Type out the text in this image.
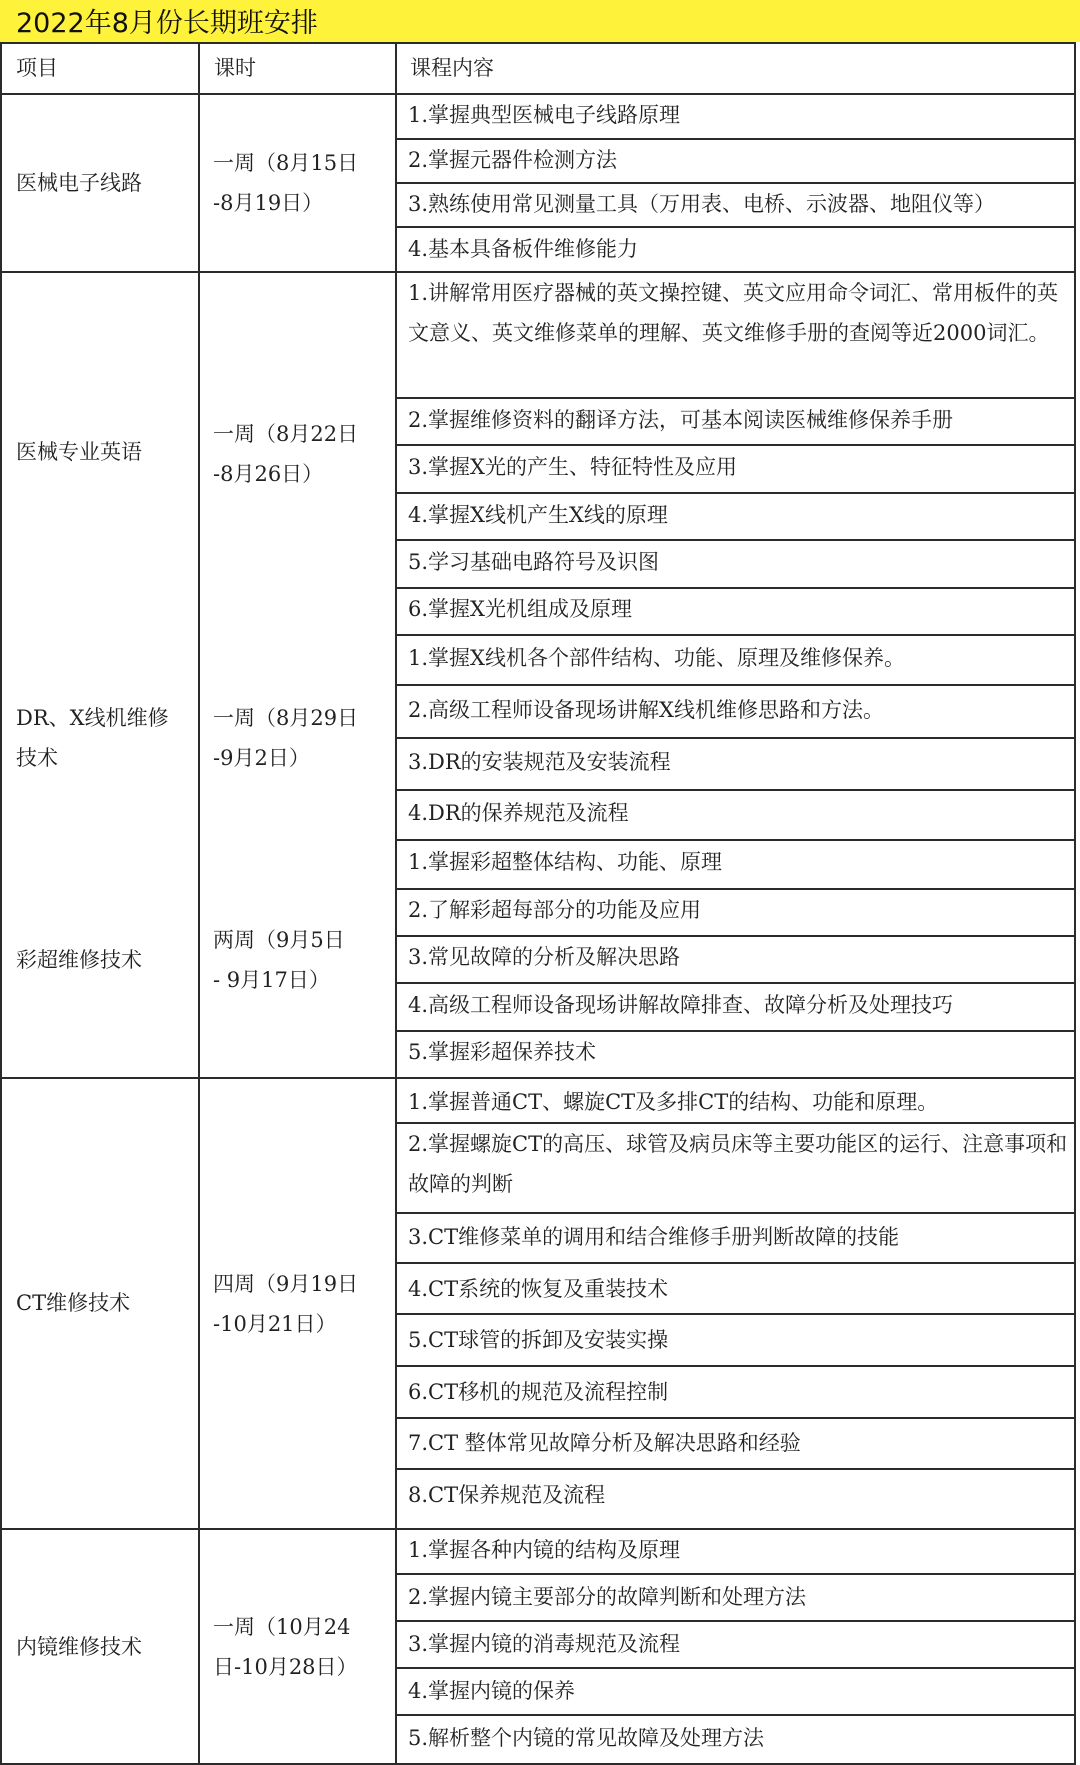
2022年8月份长期班安排
项目	课时	课程内容
医械电子线路
一周（8月15日
-8月19日）
1.掌握典型医械电子线路原理
2.掌握元器件检测方法
3.熟练使用常见测量工具（万用表、电桥、示波器、地阻仪等）
4.基本具备板件维修能力
医械专业英语
一周（8月22日
-8月26日）
1.讲解常用医疗器械的英文操控键、英文应用命令词汇、常用板件的英文意义、英文维修菜单的理解、英文维修手册的查阅等近2000词汇。
2.掌握维修资料的翻译方法，可基本阅读医械维修保养手册
3.掌握X光的产生、特征特性及应用
4.掌握X线机产生X线的原理
5.学习基础电路符号及识图
6.掌握X光机组成及原理
DR、X线机维修
技术
一周（8月29日
-9月2日）
1.掌握X线机各个部件结构、功能、原理及维修保养。
2.高级工程师设备现场讲解X线机维修思路和方法。
3.DR的安装规范及安装流程
4.DR的保养规范及流程
彩超维修技术
两周（9月5日
- 9月17日）
1.掌握彩超整体结构、功能、原理
2.了解彩超每部分的功能及应用
3.常见故障的分析及解决思路
4.高级工程师设备现场讲解故障排查、故障分析及处理技巧
5.掌握彩超保养技术
CT维修技术
四周（9月19日
-10月21日）
1.掌握普通CT、螺旋CT及多排CT的结构、功能和原理。
2.掌握螺旋CT的高压、球管及病员床等主要功能区的运行、注意事项和故障的判断
3.CT维修菜单的调用和结合维修手册判断故障的技能
4.CT系统的恢复及重装技术
5.CT球管的拆卸及安装实操
6.CT移机的规范及流程控制
7.CT 整体常见故障分析及解决思路和经验
8.CT保养规范及流程
内镜维修技术
一周（10月24
日-10月28日）
1.掌握各种内镜的结构及原理
2.掌握内镜主要部分的故障判断和处理方法
3.掌握内镜的消毒规范及流程
4.掌握内镜的保养
5.解析整个内镜的常见故障及处理方法
